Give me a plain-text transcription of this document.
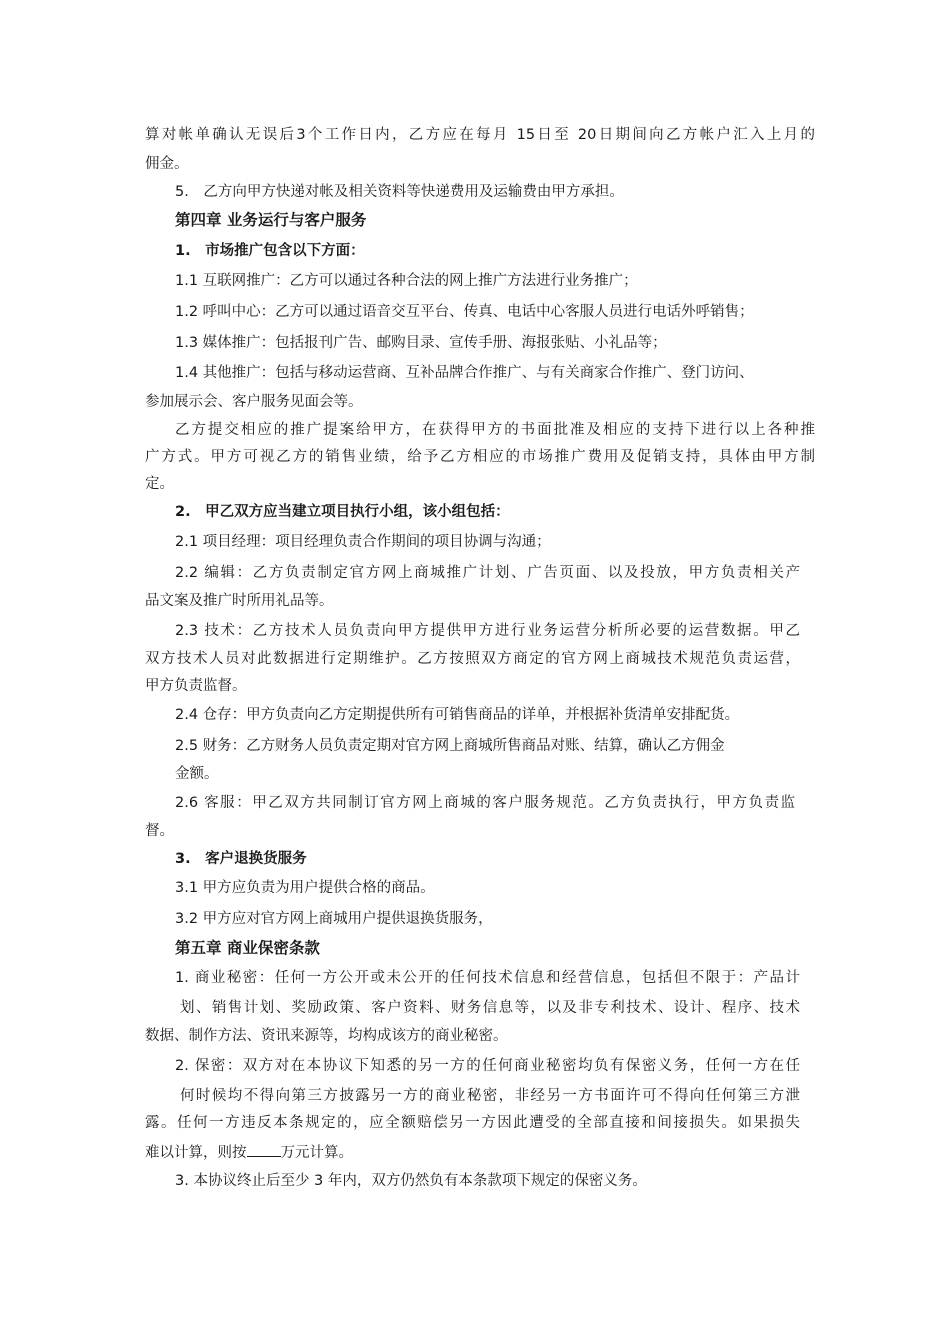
算对帐单确认无误后3个工作日内，乙方应在每月 15日至 20日期间向乙方帐户汇入上月的
佣金。
5.　乙方向甲方快递对帐及相关资料等快递费用及运输费由甲方承担。
第四章 业务运行与客户服务
1.　市场推广包含以下方面：
1.1 互联网推广：乙方可以通过各种合法的网上推广方法进行业务推广；
1.2 呼叫中心：乙方可以通过语音交互平台、传真、电话中心客服人员进行电话外呼销售；
1.3 媒体推广：包括报刊广告、邮购目录、宣传手册、海报张贴、小礼品等；
1.4 其他推广：包括与移动运营商、互补品牌合作推广、与有关商家合作推广、登门访问、
参加展示会、客户服务见面会等。
乙方提交相应的推广提案给甲方，在获得甲方的书面批准及相应的支持下进行以上各种推
广方式。甲方可视乙方的销售业绩，给予乙方相应的市场推广费用及促销支持，具体由甲方制
定。
2.　甲乙双方应当建立项目执行小组，该小组包括：
2.1 项目经理：项目经理负责合作期间的项目协调与沟通；
2.2 编辑：乙方负责制定官方网上商城推广计划、广告页面、以及投放，甲方负责相关产
品文案及推广时所用礼品等。
2.3 技术：乙方技术人员负责向甲方提供甲方进行业务运营分析所必要的运营数据。甲乙
双方技术人员对此数据进行定期维护。乙方按照双方商定的官方网上商城技术规范负责运营，
甲方负责监督。
2.4 仓存：甲方负责向乙方定期提供所有可销售商品的详单，并根据补货清单安排配货。
2.5 财务：乙方财务人员负责定期对官方网上商城所售商品对账、结算，确认乙方佣金
金额。
2.6 客服：甲乙双方共同制订官方网上商城的客户服务规范。乙方负责执行，甲方负责监
督。
3.　客户退换货服务
3.1 甲方应负责为用户提供合格的商品。
3.2 甲方应对官方网上商城用户提供退换货服务，
第五章 商业保密条款
1. 商业秘密：任何一方公开或未公开的任何技术信息和经营信息，包括但不限于：产品计
划、销售计划、奖励政策、客户资料、财务信息等，以及非专利技术、设计、程序、技术
数据、制作方法、资讯来源等，均构成该方的商业秘密。
2. 保密：双方对在本协议下知悉的另一方的任何商业秘密均负有保密义务，任何一方在任
何时候均不得向第三方披露另一方的商业秘密，非经另一方书面许可不得向任何第三方泄
露。任何一方违反本条规定的，应全额赔偿另一方因此遭受的全部直接和间接损失。如果损失
难以计算，则按 万元计算。
3. 本协议终止后至少 3 年内，双方仍然负有本条款项下规定的保密义务。
